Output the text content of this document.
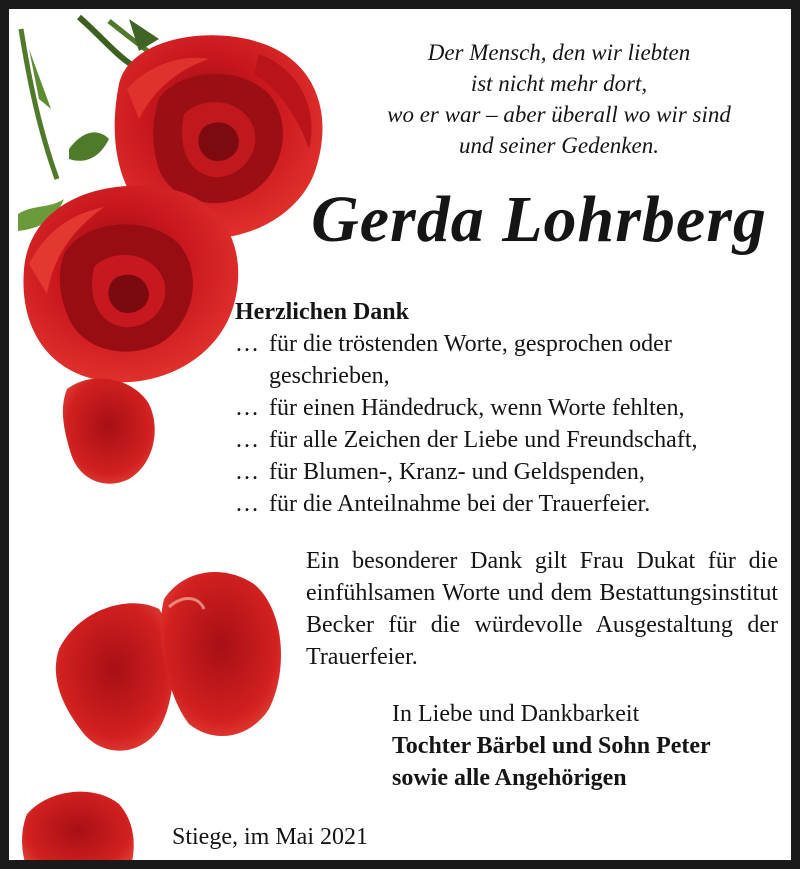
Der Mensch, den wir liebten
ist nicht mehr dort,
wo er war – aber überall wo wir sind
und seiner Gedenken.
Gerda Lohrberg
Herzlichen Dank
… für die tröstenden Worte, gesprochen oder
geschrieben,
… für einen Händedruck, wenn Worte fehlten,
… für alle Zeichen der Liebe und Freundschaft,
… für Blumen-, Kranz- und Geldspenden,
… für die Anteilnahme bei der Trauerfeier.
Ein besonderer Dank gilt Frau Dukat für die einfühlsamen Worte und dem Bestattungsinstitut Becker für die würdevolle Ausgestaltung der Trauerfeier.
In Liebe und Dankbarkeit
Tochter Bärbel und Sohn Peter
sowie alle Angehörigen
Stiege, im Mai 2021
